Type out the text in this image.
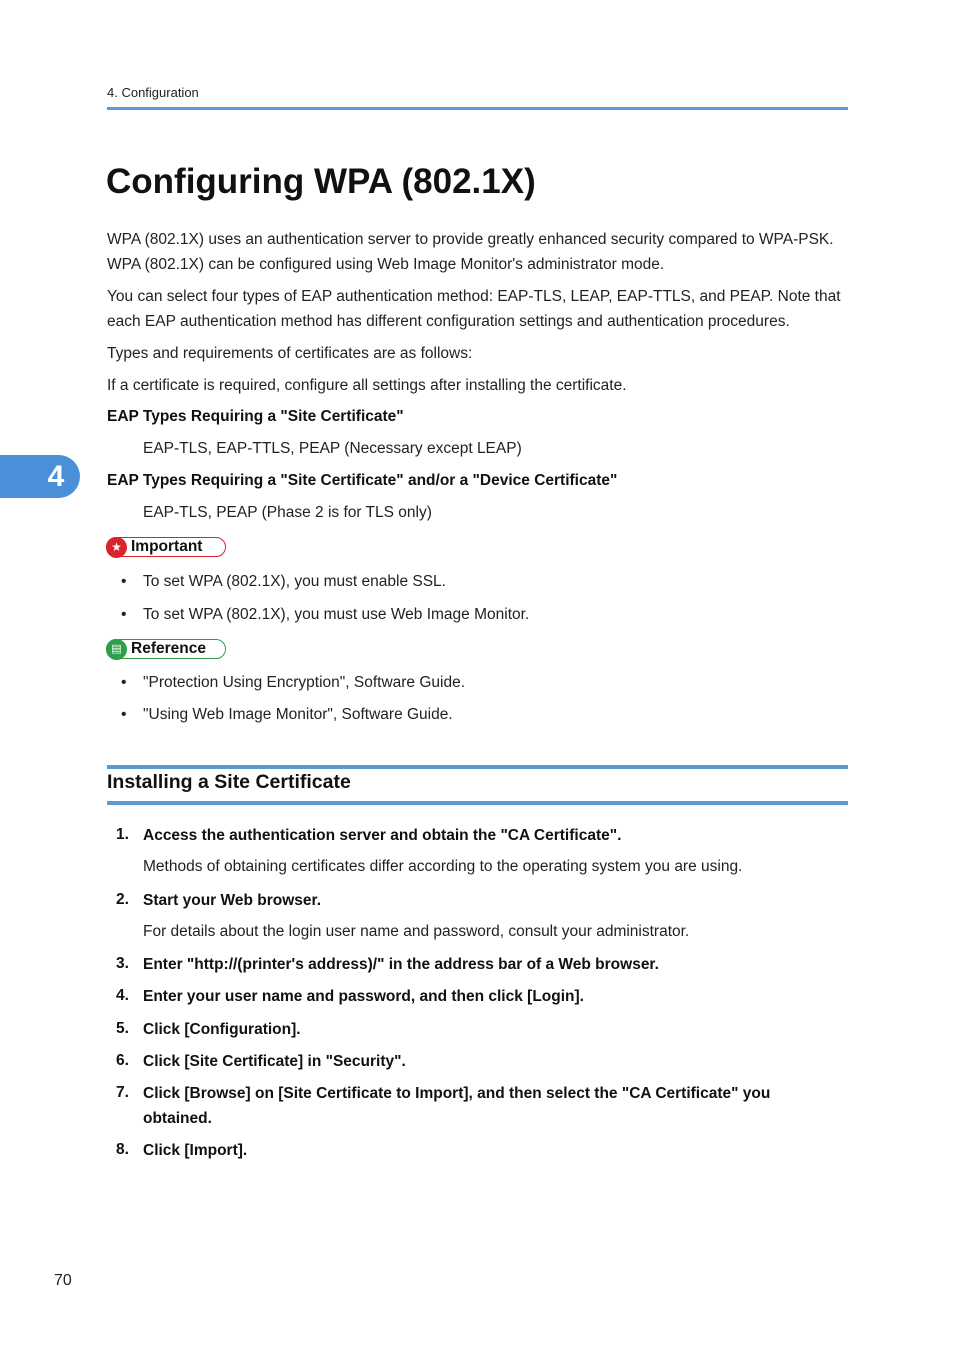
4. Configuration
Configuring WPA (802.1X)

WPA (802.1X) uses an authentication server to provide greatly enhanced security compared to WPA-PSK. WPA (802.1X) can be configured using Web Image Monitor's administrator mode.

You can select four types of EAP authentication method: EAP-TLS, LEAP, EAP-TTLS, and PEAP. Note that each EAP authentication method has different configuration settings and authentication procedures.

Types and requirements of certificates are as follows:

If a certificate is required, configure all settings after installing the certificate.

EAP Types Requiring a "Site Certificate"
EAP-TLS, EAP-TTLS, PEAP (Necessary except LEAP)
EAP Types Requiring a "Site Certificate" and/or a "Device Certificate"
EAP-TLS, PEAP (Phase 2 is for TLS only)
4
★ Important
• To set WPA (802.1X), you must enable SSL.
• To set WPA (802.1X), you must use Web Image Monitor.
▤ Reference
• "Protection Using Encryption", Software Guide.
• "Using Web Image Monitor", Software Guide.
Installing a Site Certificate
1. Access the authentication server and obtain the "CA Certificate".
Methods of obtaining certificates differ according to the operating system you are using.
2. Start your Web browser.
For details about the login user name and password, consult your administrator.
3. Enter "http://(printer's address)/" in the address bar of a Web browser.
4. Enter your user name and password, and then click [Login].
5. Click [Configuration].
6. Click [Site Certificate] in "Security".
7. Click [Browse] on [Site Certificate to Import], and then select the "CA Certificate" you obtained.
8. Click [Import].
70
